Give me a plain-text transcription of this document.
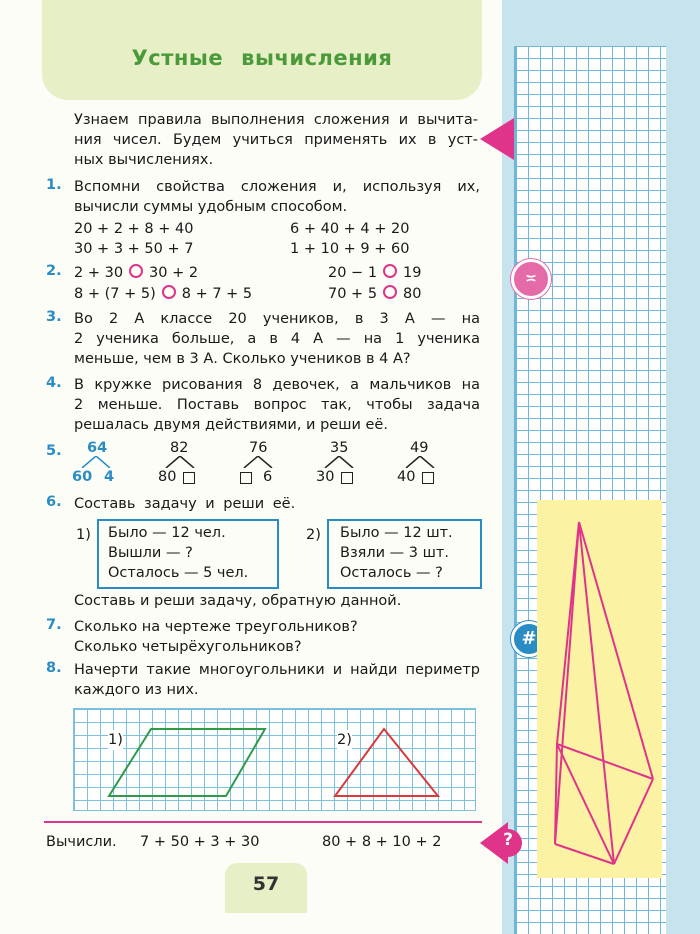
Устные вычисления
Узнаем правила выполнения сложения и вычита-
ния чисел. Будем учиться применять их в уст-
ных вычислениях.
1. Вспомни свойства сложения и, используя их,
вычисли суммы удобным способом.
20 + 2 + 8 + 40	6 + 40 + 4 + 20
30 + 3 + 50 + 7	1 + 10 + 9 + 60
2. 2 + 30 30 + 2	20 − 1 19
8 + (7 + 5) 8 + 7 + 5	70 + 5 80
≍
3. Во 2 А классе 20 учеников, в 3 А — на
2 ученика больше, а в 4 А — на 1 ученика
меньше, чем в 3 А. Сколько учеников в 4 А?
4. В кружке рисования 8 девочек, а мальчиков на
2 меньше. Поставь вопрос так, чтобы задача
решалась двумя действиями, и реши её.
5. 64
60 4
82
80
76
6
35
30
49
40
6. Составь задачу и реши её.
1) Было — 12 чел.
Вышли — ?
Осталось — 5 чел.
2) Было — 12 шт.
Взяли — 3 шт.
Осталось — ?
Составь и реши задачу, обратную данной.
7. Сколько на чертеже треугольников?
Сколько четырёхугольников?	#
8. Начерти такие многоугольники и найди периметр
каждого из них.
1)	2)
Вычисли. 7 + 50 + 3 + 30	80 + 8 + 10 + 2	?
57
